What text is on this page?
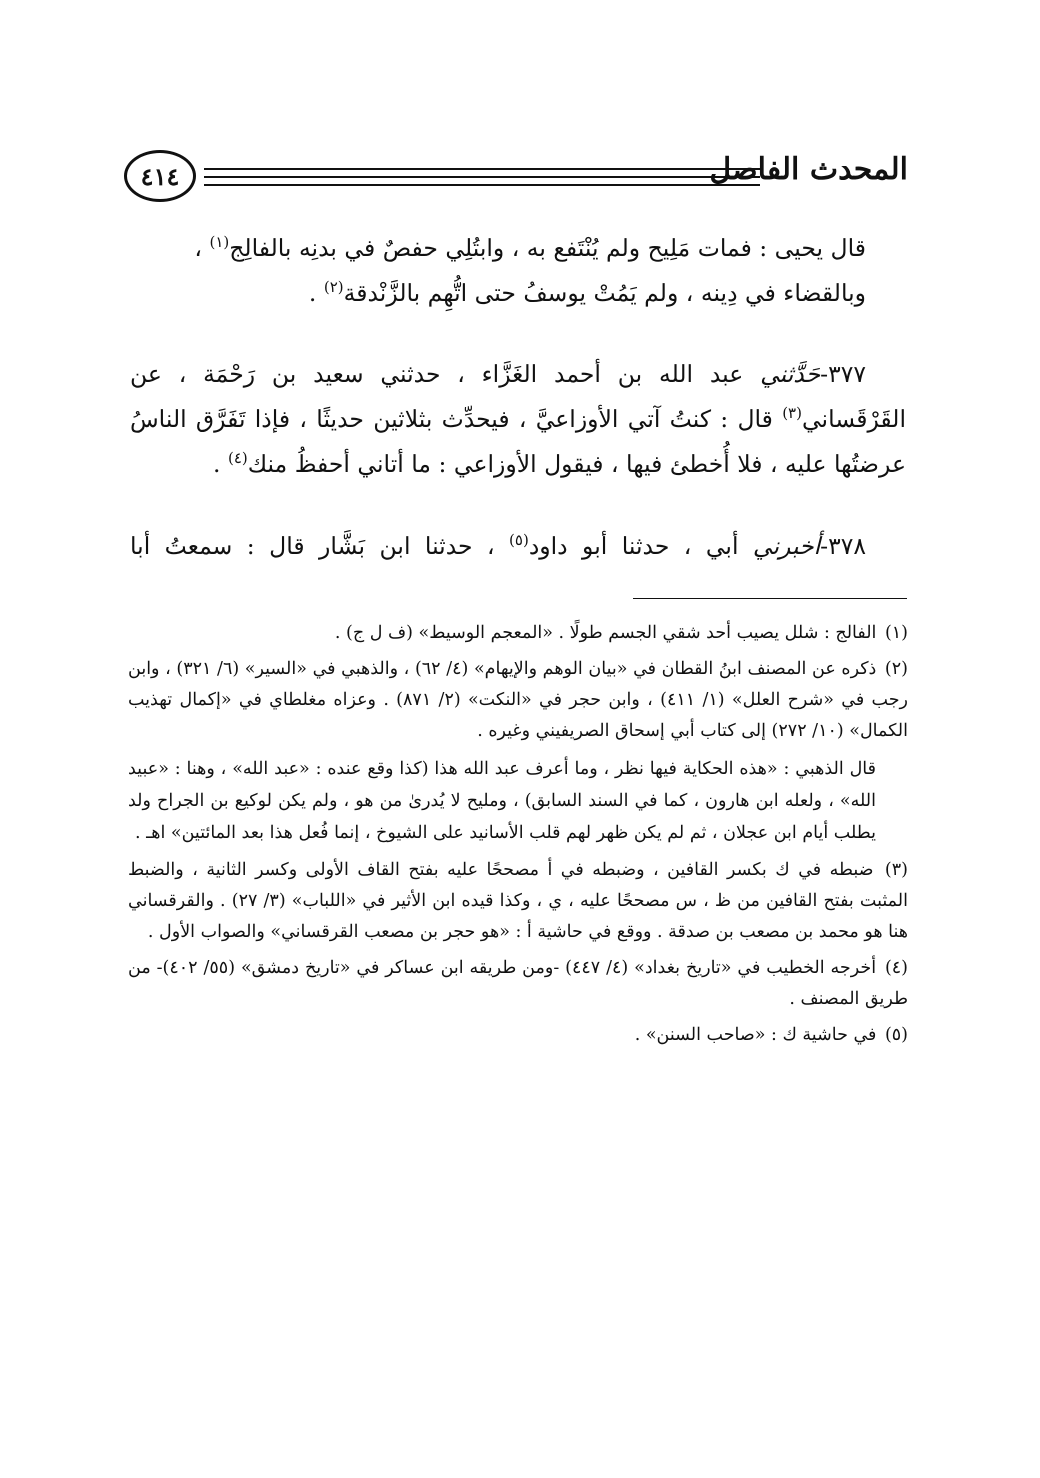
٤١٤	المحدث الفاصل
قال يحيى : فمات مَلِيح ولم يُنْتَفع به ، وابتُلِي حفصٌ في بدنِه بالفالِج$^{(١)}$ ،
وبالقضاء في دِينه ، ولم يَمُتْ يوسفُ حتى اتُّهِم بالزَّنْدقة$^{(٢)}$ .
٣٧٧-حَدَّثني عبد الله بن أحمد الغَزَّاء ، حدثني سعيد بن رَحْمَة ، عن القَرْقَساني$^{(٣)}$ قال : كنتُ آتي الأوزاعيَّ ، فيحدِّث بثلاثين حديثًا ، فإذا تَفَرَّق الناسُ عرضتُها عليه ، فلا أُخطئ فيها ، فيقول الأوزاعي : ما أتاني أحفظُ منك$^{(٤)}$ .
٣٧٨-أخبرني أبي ، حدثنا أبو داود$^{(٥)}$ ، حدثنا ابن بَشَّار قال : سمعتُ أبا
(١) الفالج : شلل يصيب أحد شقي الجسم طولًا . «المعجم الوسيط» (ف ل ج) .
(٢) ذكره عن المصنف ابنُ القطان في «بيان الوهم والإيهام» (٤/ ٦٢) ، والذهبي في «السير» (٦/ ٣٢١) ، وابن رجب في «شرح العلل» (١/ ٤١١) ، وابن حجر في «النكت» (٢/ ٨٧١) . وعزاه مغلطاي في «إكمال تهذيب الكمال» (١٠/ ٢٧٢) إلى كتاب أبي إسحاق الصريفيني وغيره .
قال الذهبي : «هذه الحكاية فيها نظر ، وما أعرف عبد الله هذا (كذا وقع عنده : «عبد الله» ، وهنا : «عبيد الله» ، ولعله ابن هارون ، كما في السند السابق) ، ومليح لا يُدرىٰ من هو ، ولم يكن لوكيع بن الجراح ولد يطلب أيام ابن عجلان ، ثم لم يكن ظهر لهم قلب الأسانيد على الشيوخ ، إنما فُعل هذا بعد المائتين» اهـ .
(٣) ضبطه في ك بكسر القافين ، وضبطه في أ مصححًا عليه بفتح القاف الأولى وكسر الثانية ، والضبط المثبت بفتح القافين من ظ ، س مصححًا عليه ، ي ، وكذا قيده ابن الأثير في «اللباب» (٣/ ٢٧) . والقرقساني هنا هو محمد بن مصعب بن صدقة . ووقع في حاشية أ : «هو حجر بن مصعب القرقساني» والصواب الأول .
(٤) أخرجه الخطيب في «تاريخ بغداد» (٤/ ٤٤٧) -ومن طريقه ابن عساكر في «تاريخ دمشق» (٥٥/ ٤٠٢)- من طريق المصنف .
(٥) في حاشية ك : «صاحب السنن» .
